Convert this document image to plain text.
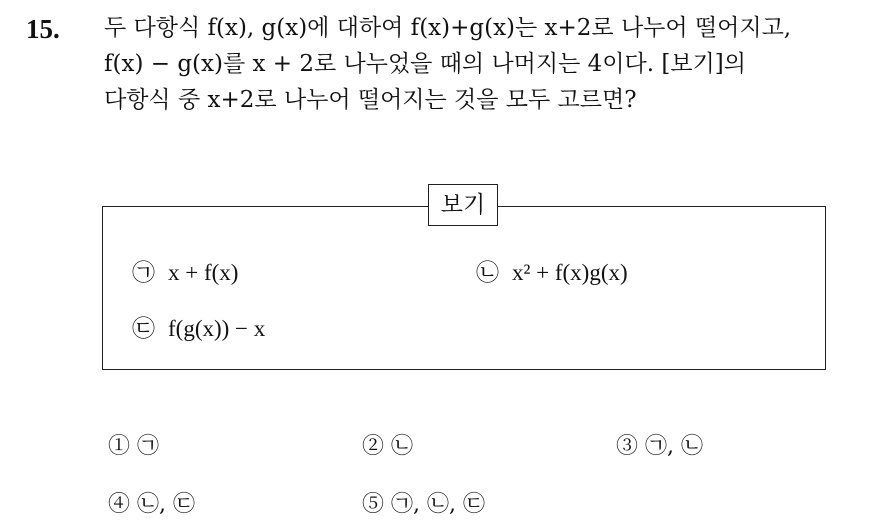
15. 두 다항식 f(x), g(x)에 대하여 f(x)+g(x)는 x+2로 나누어 떨어지고,
f(x) − g(x)를 x + 2로 나누었을 때의 나머지는 4이다. [보기]의
다항식 중 x+2로 나누어 떨어지는 것을 모두 고르면?
보기
㉠ x + f(x)	㉡ x² + f(x)g(x)
㉢ f(g(x)) − x
① ㉠	② ㉡	③ ㉠, ㉡
④ ㉡, ㉢	⑤ ㉠, ㉡, ㉢
